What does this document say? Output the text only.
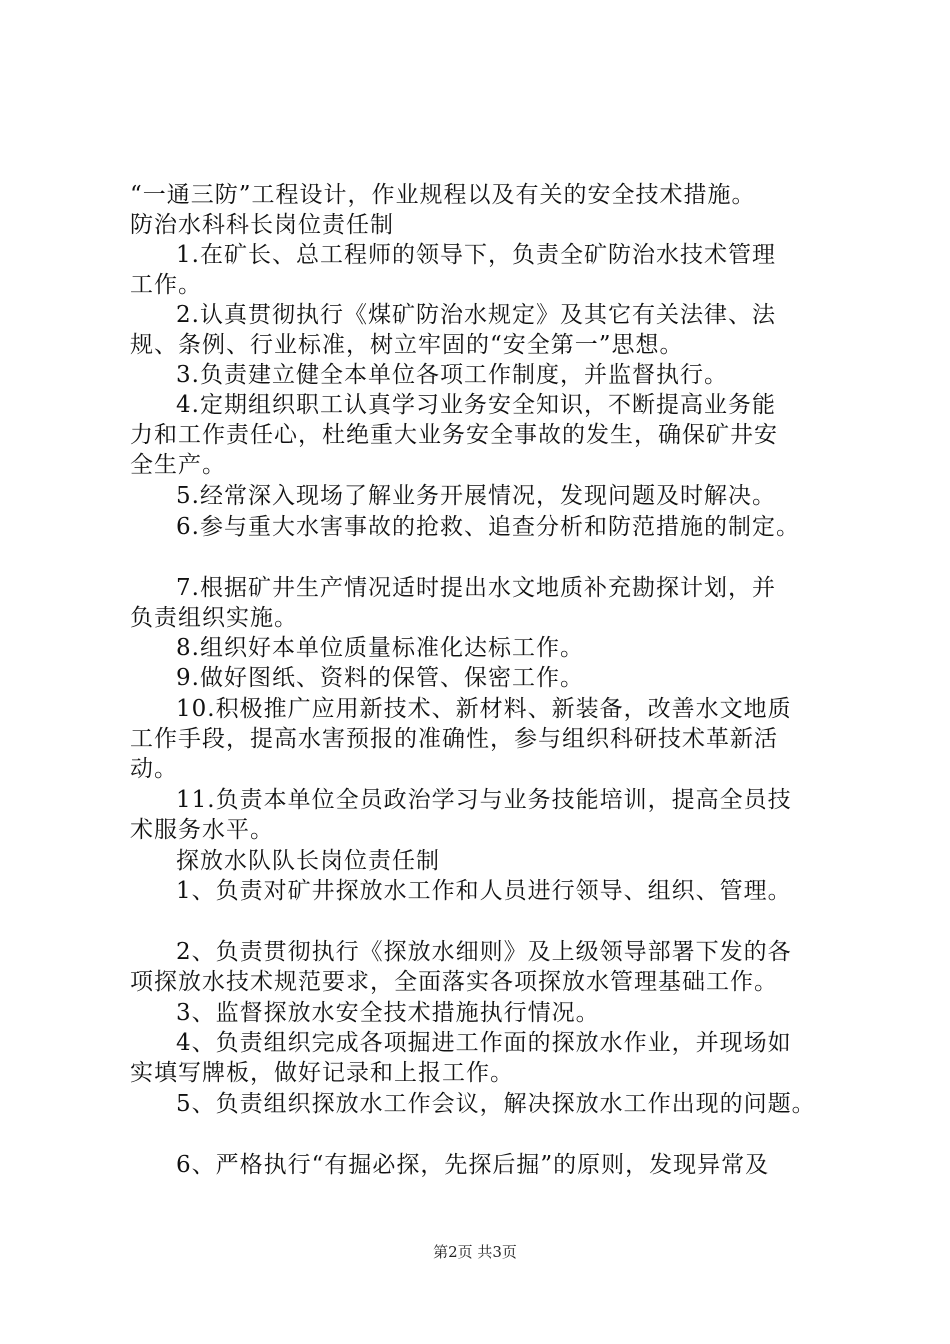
“一通三防”工程设计，作业规程以及有关的安全技术措施。
防治水科科长岗位责任制
1.在矿长、总工程师的领导下，负责全矿防治水技术管理
工作。
2.认真贯彻执行《煤矿防治水规定》及其它有关法律、法
规、条例、行业标准，树立牢固的“安全第一”思想。
3.负责建立健全本单位各项工作制度，并监督执行。
4.定期组织职工认真学习业务安全知识，不断提高业务能
力和工作责任心，杜绝重大业务安全事故的发生，确保矿井安
全生产。
5.经常深入现场了解业务开展情况，发现问题及时解决。
6.参与重大水害事故的抢救、追查分析和防范措施的制定。
7.根据矿井生产情况适时提出水文地质补充勘探计划，并
负责组织实施。
8.组织好本单位质量标准化达标工作。
9.做好图纸、资料的保管、保密工作。
10.积极推广应用新技术、新材料、新装备，改善水文地质
工作手段，提高水害预报的准确性，参与组织科研技术革新活
动。
11.负责本单位全员政治学习与业务技能培训，提高全员技
术服务水平。
探放水队队长岗位责任制
1、负责对矿井探放水工作和人员进行领导、组织、管理。
2、负责贯彻执行《探放水细则》及上级领导部署下发的各
项探放水技术规范要求，全面落实各项探放水管理基础工作。
3、监督探放水安全技术措施执行情况。
4、负责组织完成各项掘进工作面的探放水作业，并现场如
实填写牌板，做好记录和上报工作。
5、负责组织探放水工作会议，解决探放水工作出现的问题。
6、严格执行“有掘必探，先探后掘”的原则，发现异常及
第2页 共3页
